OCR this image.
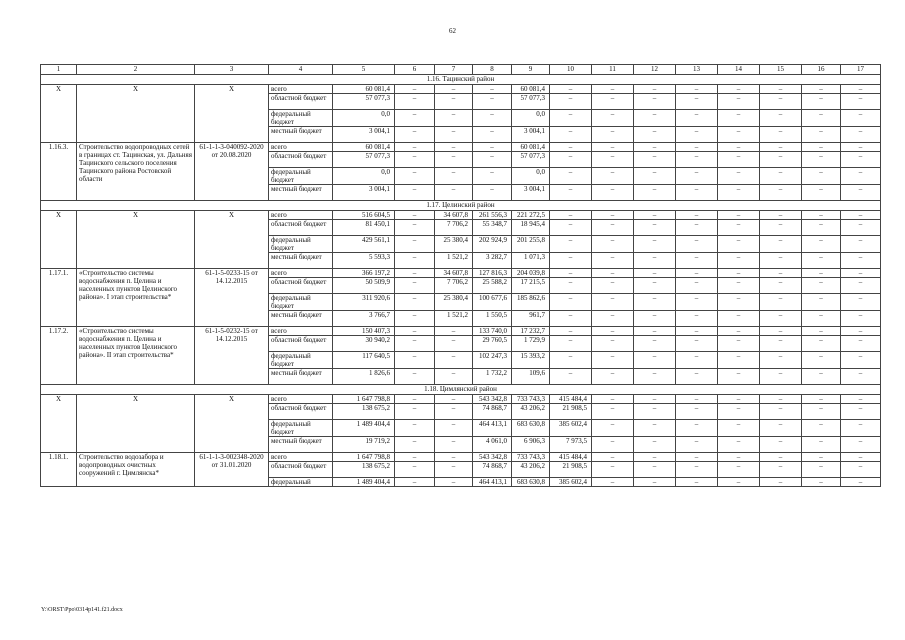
62
1	2	3	4	5	6	7	8	9	10	11	12	13	14	15	16	17
1.16. Тацинский район																
Х	Х	Х	всего	60 081,4	–	–	–	60 081,4	–	–	–	–	–	–	–	–
			областной бюджет	57 077,3	–	–	–	57 077,3	–	–	–	–	–	–	–	–
			федеральный бюджет	0,0	–	–	–	0,0	–	–	–	–	–	–	–	–
			местный бюджет	3 004,1	–	–	–	3 004,1	–	–	–	–	–	–	–	–
1.16.3.	Строительство водопроводных сетей в границах ст. Тацинская, ул. Дальняя Тацинского сельского поселения Тацинского района Ростовской области	61-1-1-3-040092-2020 от 20.08.2020	всего	60 081,4	–	–	–	60 081,4	–	–	–	–	–	–	–	–
			областной бюджет	57 077,3	–	–	–	57 077,3	–	–	–	–	–	–	–	–
			федеральный бюджет	0,0	–	–	–	0,0	–	–	–	–	–	–	–	–
			местный бюджет	3 004,1	–	–	–	3 004,1	–	–	–	–	–	–	–	–
1.17. Целинский район																
Х	Х	Х	всего	516 604,5	–	34 607,8	261 556,3	221 272,5	–	–	–	–	–	–	–	–
			областной бюджет	81 450,1	–	7 706,2	55 348,7	18 945,4	–	–	–	–	–	–	–	–
			федеральный бюджет	429 561,1	–	25 380,4	202 924,9	201 255,8	–	–	–	–	–	–	–	–
			местный бюджет	5 593,3	–	1 521,2	3 282,7	1 071,3	–	–	–	–	–	–	–	–
1.17.1.	«Строительство системы водоснабжения п. Целина и населенных пунктов Целинского района». I этап строительства*	61-1-5-0233-15 от 14.12.2015	всего	366 197,2	–	34 607,8	127 816,3	204 039,8	–	–	–	–	–	–	–	–
			областной бюджет	50 509,9	–	7 706,2	25 588,2	17 215,5	–	–	–	–	–	–	–	–
			федеральный бюджет	311 920,6	–	25 380,4	100 677,6	185 862,6	–	–	–	–	–	–	–	–
			местный бюджет	3 766,7	–	1 521,2	1 550,5	961,7	–	–	–	–	–	–	–	–
1.17.2.	«Строительство системы водоснабжения п. Целина и населенных пунктов Целинского района». II этап строительства*	61-1-5-0232-15 от 14.12.2015	всего	150 407,3	–	–	133 740,0	17 232,7	–	–	–	–	–	–	–	–
			областной бюджет	30 940,2	–	–	29 760,5	1 729,9	–	–	–	–	–	–	–	–
			федеральный бюджет	117 640,5	–	–	102 247,3	15 393,2	–	–	–	–	–	–	–	–
			местный бюджет	1 826,6	–	–	1 732,2	109,6	–	–	–	–	–	–	–	–
1.18. Цимлянский район																
Х	Х	Х	всего	1 647 798,8	–	–	543 342,8	733 743,3	415 484,4	–	–	–	–	–	–	–
			областной бюджет	138 675,2	–	–	74 868,7	43 206,2	21 908,5	–	–	–	–	–	–	–
			федеральный бюджет	1 489 404,4	–	–	464 413,1	683 630,8	385 602,4	–	–	–	–	–	–	–
			местный бюджет	19 719,2	–	–	4 061,0	6 906,3	7 973,5	–	–	–	–	–	–	–
1.18.1.	Строительство водозабора и водопроводных очистных сооружений г. Цимлянска*	61-1-1-3-002348-2020 от 31.01.2020	всего	1 647 798,8	–	–	543 342,8	733 743,3	415 484,4	–	–	–	–	–	–	–
			областной бюджет	138 675,2	–	–	74 868,7	43 206,2	21 908,5	–	–	–	–	–	–	–
			федеральный	1 489 404,4	–	–	464 413,1	683 630,8	385 602,4	–	–	–	–	–	–	–
Y:\ORST\Ppo\0314p141.f21.docx
